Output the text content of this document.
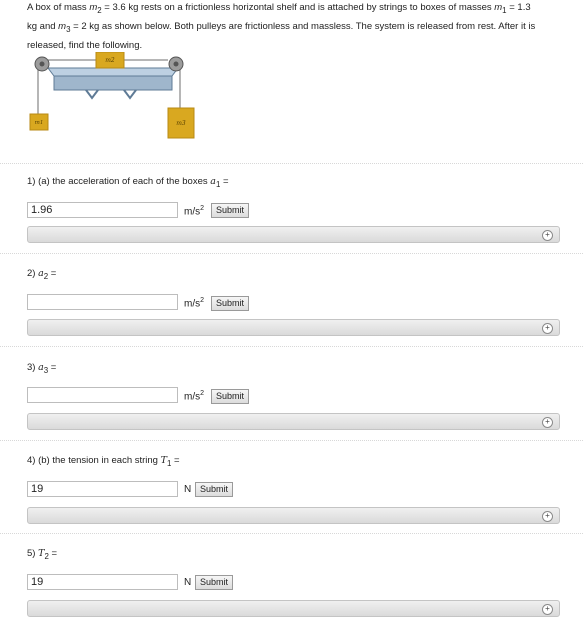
A box of mass $m_2 = 3.6$ kg rests on a frictionless horizontal shelf and is attached by strings to boxes of masses $m_1 = 1.3$
kg and $m_3 = 2$ kg as shown below. Both pulleys are frictionless and massless. The system is released from rest. After it is
released, find the following.
m2
m1	m3
1) (a) the acceleration of each of the boxes $a_1$ =
1.96
$m/s^2$	Submit
+
2) $a_2$ =
$m/s^2$	Submit
+
3) $a_3$ =
$m/s^2$	Submit
+
4) (b) the tension in each string $T_1$ =
19
N Submit
+
5) $T_2$ =
19
N Submit
+
